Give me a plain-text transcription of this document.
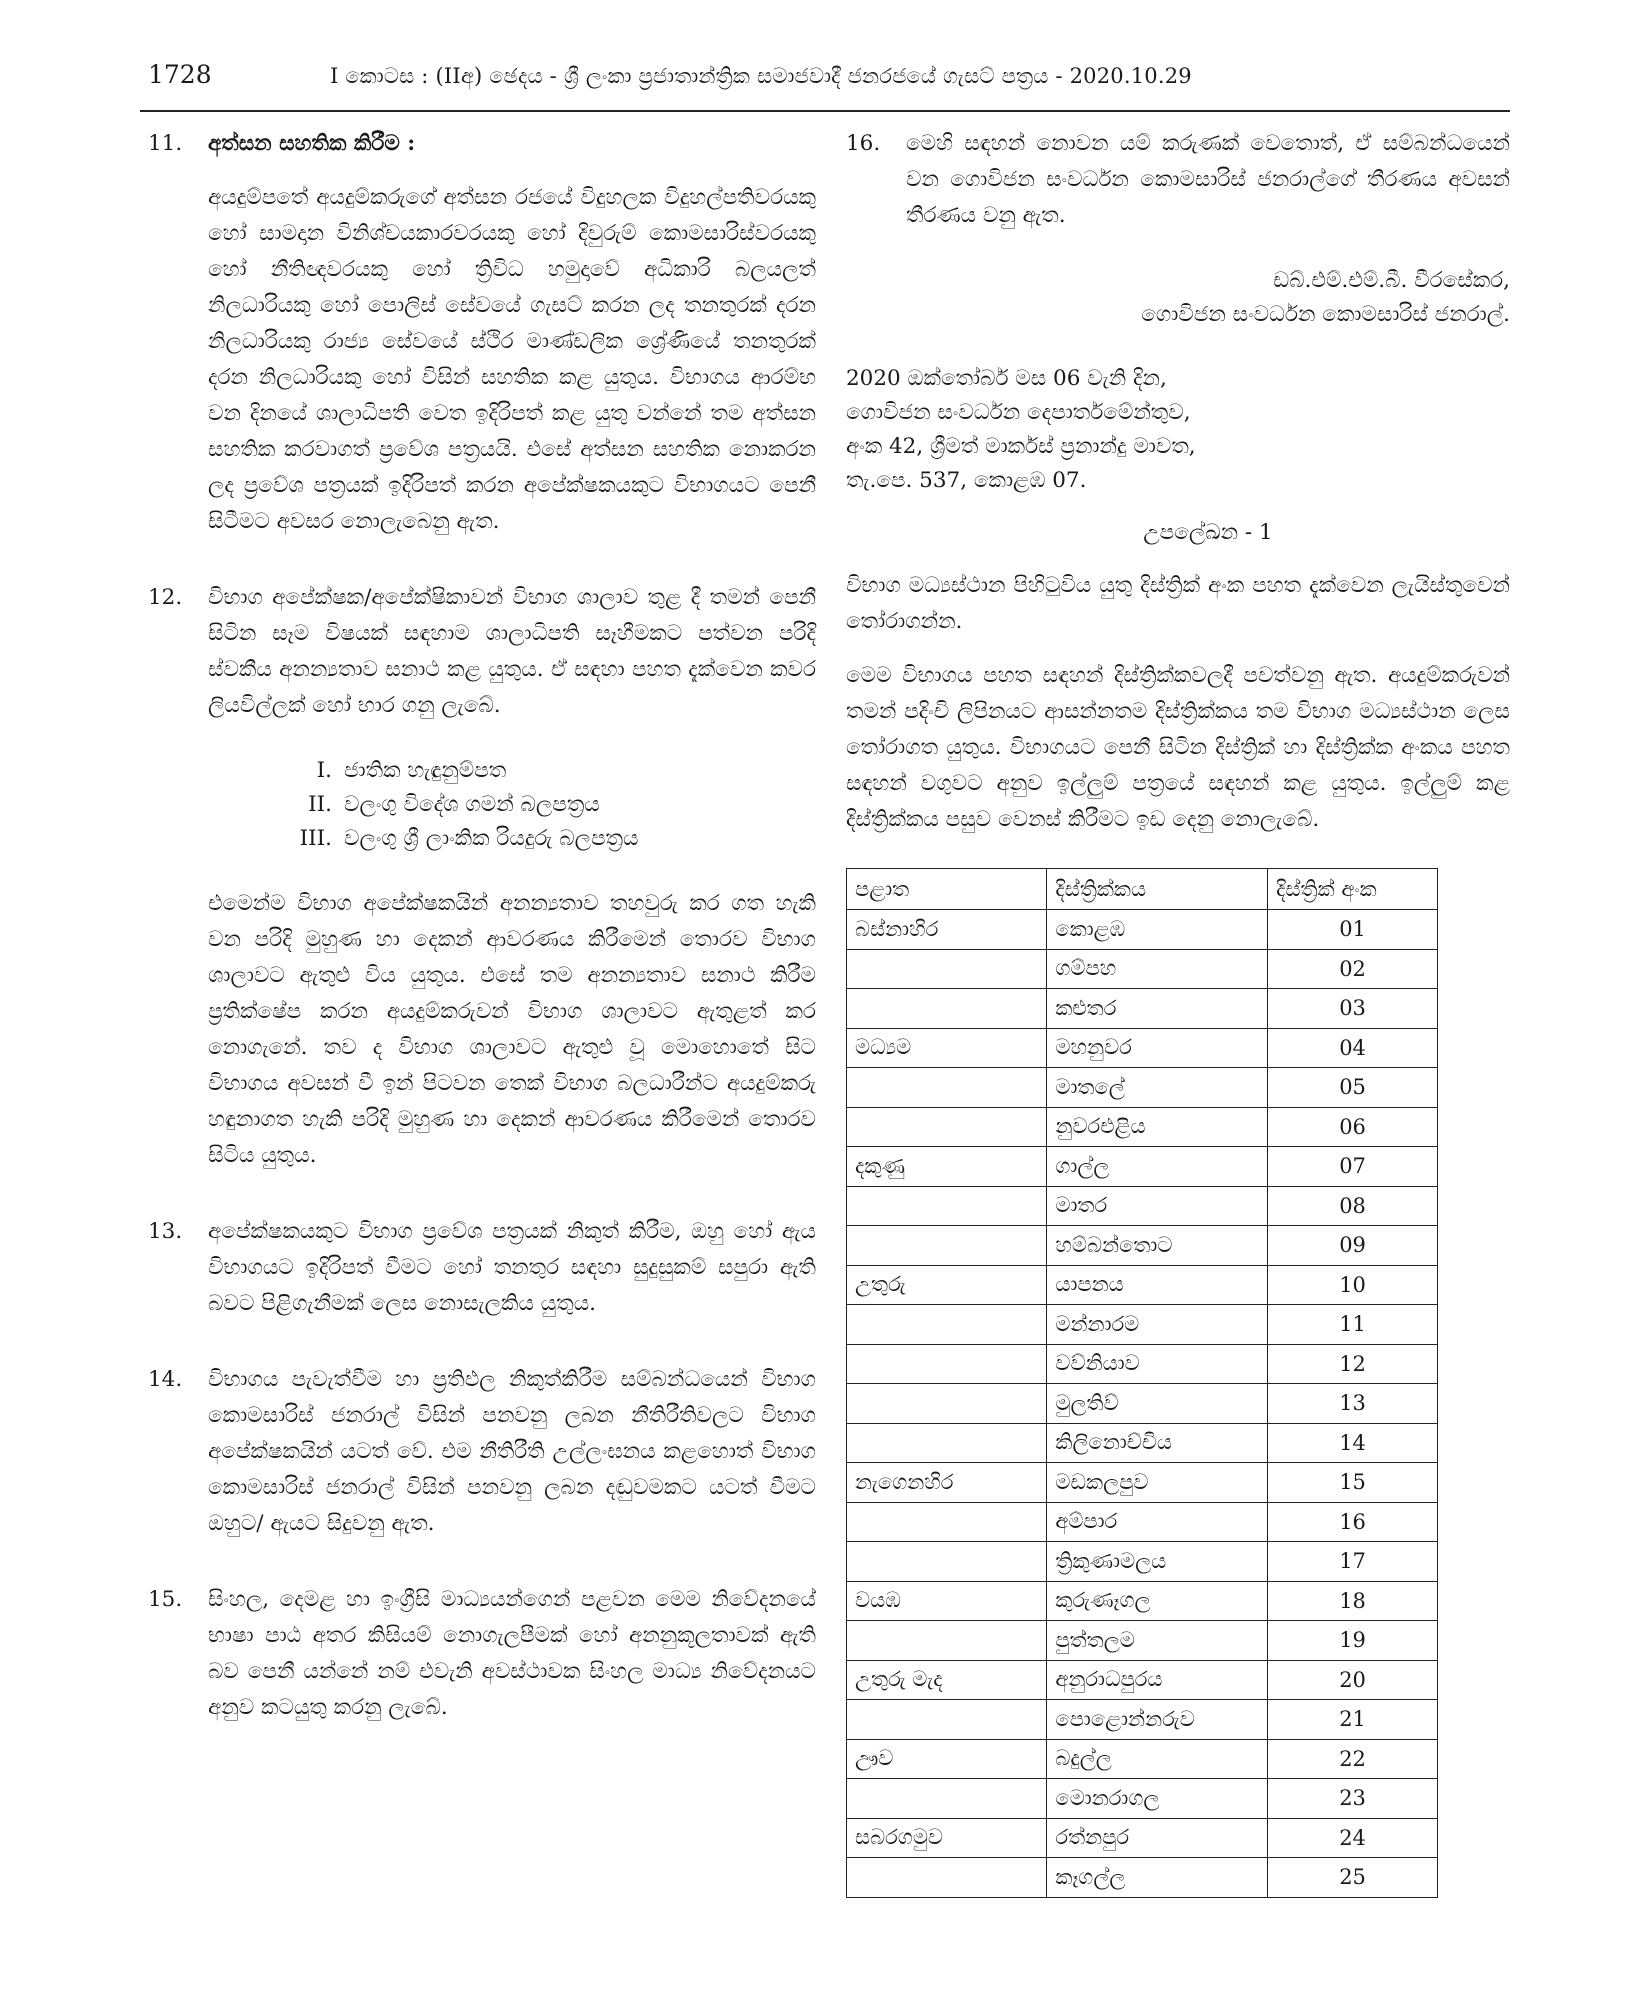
1728	I කොටස : (IIඅ) ඡෙදය - ශ්‍රී ලංකා ප්‍රජාතාන්ත්‍රික සමාජවාදී ජනරජයේ ගැසට් පත්‍රය - 2020.10.29
11. අත්සන සහතික කිරීම :
අයදුම්පතේ අයදුම්කරුගේ අත්සන රජයේ විදුහලක විදුහල්පතිවරයකු හෝ සාමදාන විනිශ්චයකාරවරයකු හෝ දිවුරුම් කොමසාරිස්වරයකු හෝ නීතිඥවරයකු හෝ ත්‍රිවිධ හමුදාවේ අධිකාරි බලයලත් නිලධාරියකු හෝ පොලිස් සේවයේ ගැසට් කරන ලද තනතුරක් දරන නිලධාරියකු රාජ්‍ය සේවයේ ස්ථිර මාණ්ඩලික ශ්‍රේණියේ තනතුරක් දරන නිලධාරියකු හෝ විසින් සහතික කළ යුතුය. විභාගය ආරම්භ වන දිනයේ ශාලාධිපති වෙත ඉදිරිපත් කළ යුතු වන්නේ තම අත්සන සහතික කරවාගත් ප්‍රවේශ පත්‍රයයි. එසේ අත්සන සහතික නොකරන ලද ප්‍රවේශ පත්‍රයක් ඉදිරිපත් කරන අපේක්ෂකයකුට විභාගයට පෙනී සිටීමට අවසර නොලැබෙනු ඇත.
12. විභාග අපේක්ෂක/අපේක්ෂිකාවන් විභාග ශාලාව තුළ දී තමන් පෙනී සිටින සෑම විෂයක් සඳහාම ශාලාධිපති සෑහීමකට පත්වන පරිදි ස්වකීය අනන්‍යතාව සනාථ කළ යුතුය. ඒ සඳහා පහත දැක්වෙන කවර ලියවිල්ලක් හෝ භාර ගනු ලැබේ.
I. ජාතික හැඳුනුම්පත
II. වලංගු විදේශ ගමන් බලපත්‍රය
III. වලංගු ශ්‍රී ලාංකික රියදුරු බලපත්‍රය
එමෙන්ම විභාග අපේක්ෂකයින් අනන්‍යතාව තහවුරු කර ගත හැකි වන පරිදි මුහුණ හා දෙකන් ආවරණය කිරීමෙන් තොරව විභාග ශාලාවට ඇතුළු විය යුතුය. එසේ තම අනන්‍යතාව සනාථ කිරීම ප්‍රතික්ෂේප කරන අයදුම්කරුවන් විභාග ශාලාවට ඇතුළත් කර නොගැනේ. තව ද විභාග ශාලාවට ඇතුළු වූ මොහොතේ සිට විභාගය අවසන් වී ඉන් පිටවන තෙක් විභාග බලධාරීන්ට අයදුම්කරු හඳුනාගත හැකි පරිදි මුහුණ හා දෙකන් ආවරණය කිරීමෙන් තොරව සිටිය යුතුය.
13. අපේක්ෂකයකුට විභාග ප්‍රවේශ පත්‍රයක් නිකුත් කිරීම, ඔහු හෝ ඇය විභාගයට ඉදිරිපත් වීමට හෝ තනතුර සඳහා සුදුසුකම් සපුරා ඇති බවට පිළිගැනීමක් ලෙස නොසැලකිය යුතුය.
14. විභාගය පැවැත්වීම හා ප්‍රතිඵල නිකුත්කිරීම සම්බන්ධයෙන් විභාග කොමසාරිස් ජනරාල් විසින් පනවනු ලබන නීතිරීතිවලට විභාග අපේක්ෂකයින් යටත් වේ. එම නීතිරීති උල්ලංඝනය කළහොත් විභාග කොමසාරිස් ජනරාල් විසින් පනවනු ලබන දඬුවමකට යටත් වීමට ඔහුට/ ඇයට සිදුවනු ඇත.
15. සිංහල, දෙමළ හා ඉංග්‍රීසි මාධ්‍යයන්ගෙන් පළවන මෙම නිවේදනයේ භාෂා පාඨ අතර කිසියම් නොගැලපීමක් හෝ අනනුකූලතාවක් ඇති බව පෙනී යන්නේ නම් එවැනි අවස්ථාවක සිංහල මාධ්‍ය නිවේදනයට අනුව කටයුතු කරනු ලැබේ.
16. මෙහි සඳහන් නොවන යම් කරුණක් වෙතොත්, ඒ සම්බන්ධයෙන් වන ගොවිජන සංවර්ධන කොමසාරිස් ජනරාල්ගේ තීරණය අවසන් තීරණය වනු ඇත.
ඩබ්.එම්.එම්.බී. වීරසේකර,
ගොවිජන සංවර්ධන කොමසාරිස් ජනරාල්.
2020 ඔක්තෝබර් මස 06 වැනි දින,
ගොවිජන සංවර්ධන දෙපාර්තමේන්තුව,
අංක 42, ශ්‍රීමත් මාර්කස් ප්‍රනාන්දු මාවත,
තැ.පෙ. 537, කොළඹ 07.
උපලේඛන - 1
විභාග මධ්‍යස්ථාන පිහිටුවිය යුතු දිස්ත්‍රික් අංක පහත දැක්වෙන ලැයිස්තුවෙන් තෝරාගන්න.
මෙම විභාගය පහත සඳහන් දිස්ත්‍රික්කවලදී පවත්වනු ඇත. අයදුම්කරුවන් තමන් පදිංචි ලිපිනයට ආසන්නතම දිස්ත්‍රික්කය තම විභාග මධ්‍යස්ථාන ලෙස තෝරාගත යුතුය. විභාගයට පෙනී සිටින දිස්ත්‍රික් හා දිස්ත්‍රික්ක අංකය පහත සඳහන් වගුවට අනුව ඉල්ලුම් පත්‍රයේ සඳහන් කළ යුතුය. ඉල්ලුම් කළ දිස්ත්‍රික්කය පසුව වෙනස් කිරීමට ඉඩ දෙනු නොලැබේ.
පළාත	දිස්ත්‍රික්කය	දිස්ත්‍රික් අංක
බස්නාහිර	කොළඹ	01
	ගම්පහ	02
	කළුතර	03
මධ්‍යම	මහනුවර	04
	මාතලේ	05
	නුවරඑළිය	06
දකුණු	ගාල්ල	07
	මාතර	08
	හම්බන්තොට	09
උතුරු	යාපනය	10
	මන්නාරම	11
	වව්නියාව	12
	මුලතිව්	13
	කිලිනොච්චිය	14
නැගෙනහිර	මඩකලපුව	15
	අම්පාර	16
	ත්‍රිකුණාමලය	17
වයඹ	කුරුණෑගල	18
	පුත්තලම	19
උතුරු මැද	අනුරාධපුරය	20
	පොළොන්නරුව	21
ඌව	බදුල්ල	22
	මොනරාගල	23
සබරගමුව	රත්නපුර	24
	කෑගල්ල	25
